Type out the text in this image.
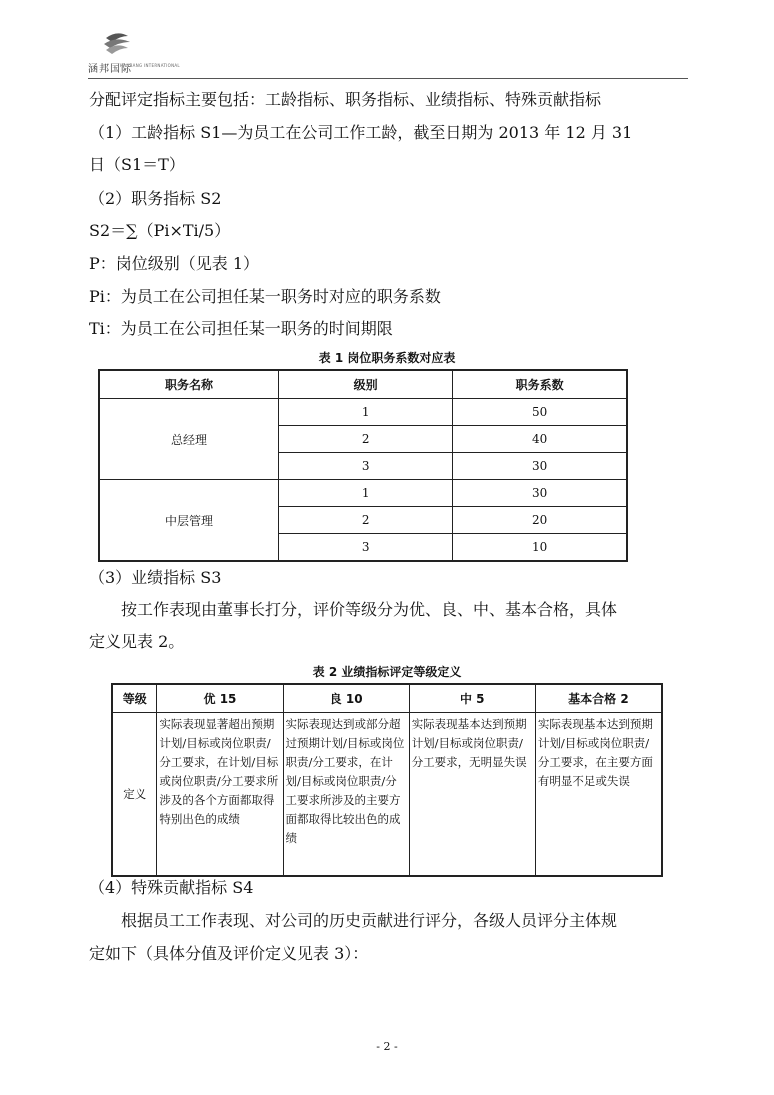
涵邦国际
HANBANG INTERNATIONAL
分配评定指标主要包括：工龄指标、职务指标、业绩指标、特殊贡献指标
（1）工龄指标 S1—为员工在公司工作工龄，截至日期为 2013 年 12 月 31
日（S1＝T）
（2）职务指标 S2
S2＝∑（Pi×Ti/5）
P：岗位级别（见表 1）
Pi：为员工在公司担任某一职务时对应的职务系数
Ti：为员工在公司担任某一职务的时间期限
表 1 岗位职务系数对应表
职务名称	级别	职务系数
总经理	1	50
	2	40
	3	30
中层管理	1	30
	2	20
	3	10
（3）业绩指标 S3
按工作表现由董事长打分，评价等级分为优、良、中、基本合格，具体
定义见表 2。
表 2 业绩指标评定等级定义
等级	优 15	良 10	中 5	基本合格 2
定义	实际表现显著超出预期计划/目标或岗位职责/分工要求，在计划/目标或岗位职责/分工要求所涉及的各个方面都取得特别出色的成绩	实际表现达到或部分超过预期计划/目标或岗位职责/分工要求，在计划/目标或岗位职责/分工要求所涉及的主要方面都取得比较出色的成绩	实际表现基本达到预期计划/目标或岗位职责/分工要求，无明显失误	实际表现基本达到预期计划/目标或岗位职责/分工要求，在主要方面有明显不足或失误
（4）特殊贡献指标 S4
根据员工工作表现、对公司的历史贡献进行评分，各级人员评分主体规
定如下（具体分值及评价定义见表 3）：
- 2 -
